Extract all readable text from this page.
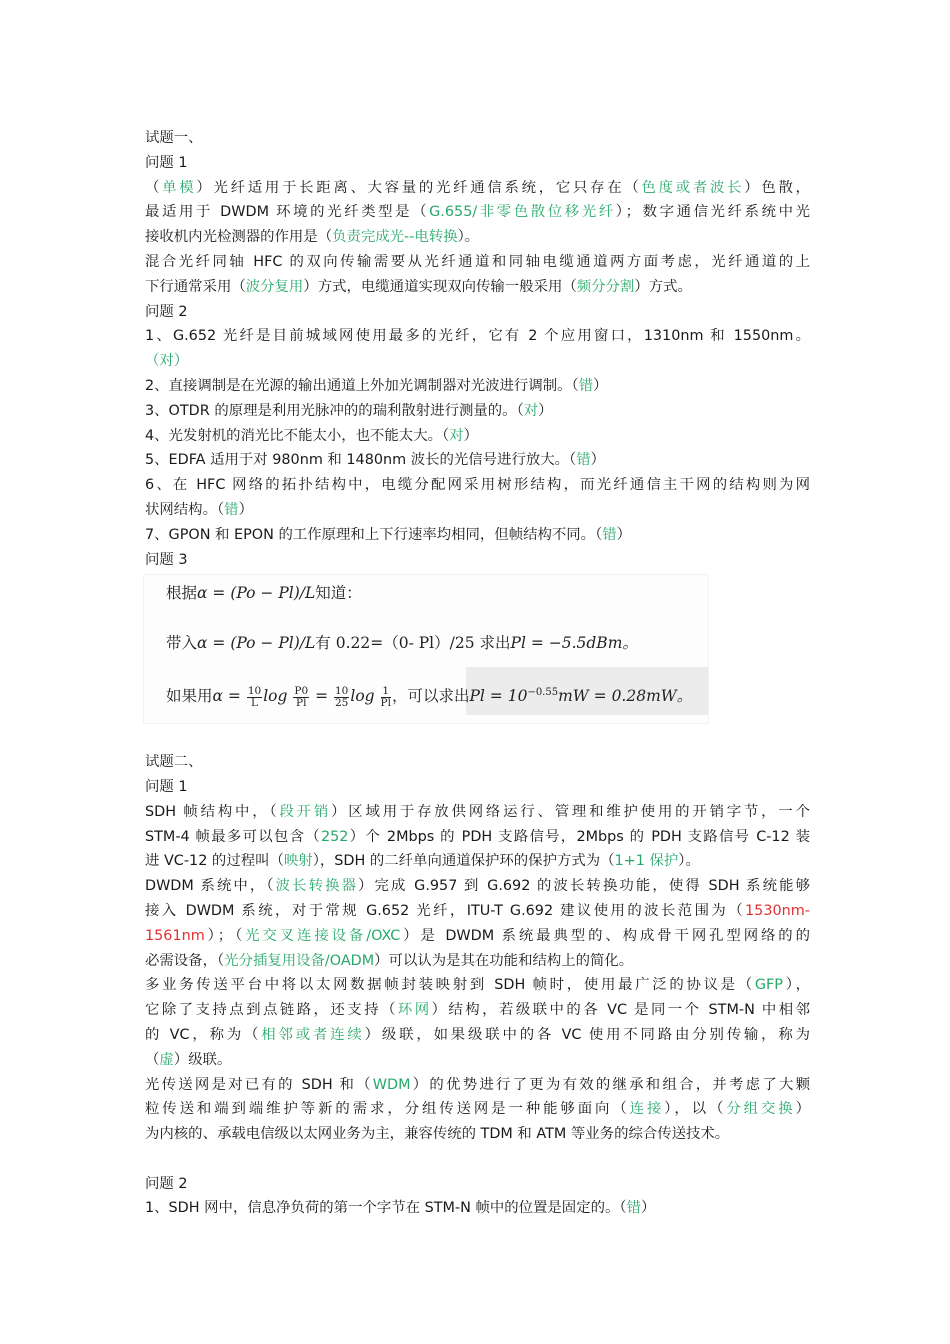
试题一、
问题 1
（单模）光纤适用于长距离、大容量的光纤通信系统，它只存在（色度或者波长）色散，
最适用于 DWDM 环境的光纤类型是（G.655/非零色散位移光纤）；数字通信光纤系统中光
接收机内光检测器的作用是（负责完成光--电转换）。
混合光纤同轴 HFC 的双向传输需要从光纤通道和同轴电缆通道两方面考虑，光纤通道的上
下行通常采用（波分复用）方式，电缆通道实现双向传输一般采用（频分分割）方式。
问题 2
1、G.652 光纤是目前城域网使用最多的光纤，它有 2 个应用窗口，1310nm 和 1550nm。
（对）
2、直接调制是在光源的输出通道上外加光调制器对光波进行调制。（错）
3、OTDR 的原理是利用光脉冲的的瑞利散射进行测量的。（对）
4、光发射机的消光比不能太小，也不能太大。（对）
5、EDFA 适用于对 980nm 和 1480nm 波长的光信号进行放大。（错）
6、在 HFC 网络的拓扑结构中，电缆分配网采用树形结构，而光纤通信主干网的结构则为网
状网结构。（错）
7、GPON 和 EPON 的工作原理和上下行速率均相同，但帧结构不同。（错）
问题 3
根据α = (Po − Pl)/L知道：
带入α = (Po − Pl)/L有 0.22=（0- Pl）/25 求出Pl = −5.5dBm。
如果用$\alpha = \frac{10}{L}$ $\log \frac{P0}{Pl} = \frac{10}{25}$ $\log \frac{1}{Pl}$ ，可以求出$Pl = 10^{-0.55}mW = 0.28mW$。
试题二、
问题 1
SDH 帧结构中，（段开销）区域用于存放供网络运行、管理和维护使用的开销字节，一个
STM-4 帧最多可以包含（252）个 2Mbps 的 PDH 支路信号，2Mbps 的 PDH 支路信号 C-12 装
进 VC-12 的过程叫（映射），SDH 的二纤单向通道保护环的保护方式为（1+1 保护）。
DWDM 系统中，（波长转换器）完成 G.957 到 G.692 的波长转换功能，使得 SDH 系统能够
接入 DWDM 系统，对于常规 G.652 光纤，ITU-T G.692 建议使用的波长范围为（1530nm-
1561nm）；（光交叉连接设备/OXC）是 DWDM 系统最典型的、构成骨干网孔型网络的的
必需设备，（光分插复用设备/OADM）可以认为是其在功能和结构上的简化。
多业务传送平台中将以太网数据帧封装映射到 SDH 帧时，使用最广泛的协议是（GFP），
它除了支持点到点链路，还支持（环网）结构，若级联中的各 VC 是同一个 STM-N 中相邻
的 VC，称为（相邻或者连续）级联，如果级联中的各 VC 使用不同路由分别传输，称为
（虚）级联。
光传送网是对已有的 SDH 和（WDM）的优势进行了更为有效的继承和组合，并考虑了大颗
粒传送和端到端维护等新的需求，分组传送网是一种能够面向（连接），以（分组交换）
为内核的、承载电信级以太网业务为主，兼容传统的 TDM 和 ATM 等业务的综合传送技术。
问题 2
1、SDH 网中，信息净负荷的第一个字节在 STM-N 帧中的位置是固定的。（错）
